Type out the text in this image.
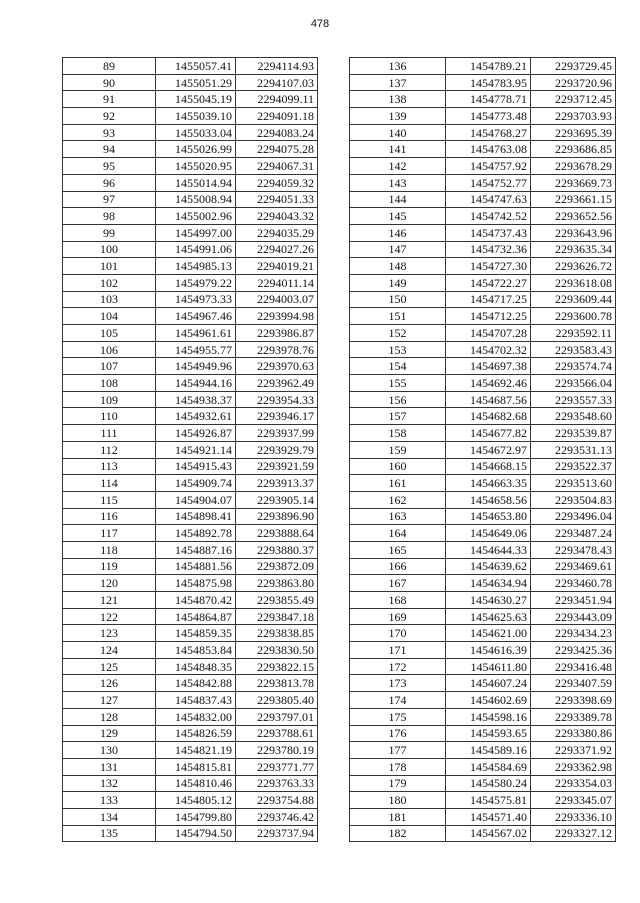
478
89	1455057.41	2294114.93
90	1455051.29	2294107.03
91	1455045.19	2294099.11
92	1455039.10	2294091.18
93	1455033.04	2294083.24
94	1455026.99	2294075.28
95	1455020.95	2294067.31
96	1455014.94	2294059.32
97	1455008.94	2294051.33
98	1455002.96	2294043.32
99	1454997.00	2294035.29
100	1454991.06	2294027.26
101	1454985.13	2294019.21
102	1454979.22	2294011.14
103	1454973.33	2294003.07
104	1454967.46	2293994.98
105	1454961.61	2293986.87
106	1454955.77	2293978.76
107	1454949.96	2293970.63
108	1454944.16	2293962.49
109	1454938.37	2293954.33
110	1454932.61	2293946.17
111	1454926.87	2293937.99
112	1454921.14	2293929.79
113	1454915.43	2293921.59
114	1454909.74	2293913.37
115	1454904.07	2293905.14
116	1454898.41	2293896.90
117	1454892.78	2293888.64
118	1454887.16	2293880.37
119	1454881.56	2293872.09
120	1454875.98	2293863.80
121	1454870.42	2293855.49
122	1454864.87	2293847.18
123	1454859.35	2293838.85
124	1454853.84	2293830.50
125	1454848.35	2293822.15
126	1454842.88	2293813.78
127	1454837.43	2293805.40
128	1454832.00	2293797.01
129	1454826.59	2293788.61
130	1454821.19	2293780.19
131	1454815.81	2293771.77
132	1454810.46	2293763.33
133	1454805.12	2293754.88
134	1454799.80	2293746.42
135	1454794.50	2293737.94
136	1454789.21	2293729.45
137	1454783.95	2293720.96
138	1454778.71	2293712.45
139	1454773.48	2293703.93
140	1454768.27	2293695.39
141	1454763.08	2293686.85
142	1454757.92	2293678.29
143	1454752.77	2293669.73
144	1454747.63	2293661.15
145	1454742.52	2293652.56
146	1454737.43	2293643.96
147	1454732.36	2293635.34
148	1454727.30	2293626.72
149	1454722.27	2293618.08
150	1454717.25	2293609.44
151	1454712.25	2293600.78
152	1454707.28	2293592.11
153	1454702.32	2293583.43
154	1454697.38	2293574.74
155	1454692.46	2293566.04
156	1454687.56	2293557.33
157	1454682.68	2293548.60
158	1454677.82	2293539.87
159	1454672.97	2293531.13
160	1454668.15	2293522.37
161	1454663.35	2293513.60
162	1454658.56	2293504.83
163	1454653.80	2293496.04
164	1454649.06	2293487.24
165	1454644.33	2293478.43
166	1454639.62	2293469.61
167	1454634.94	2293460.78
168	1454630.27	2293451.94
169	1454625.63	2293443.09
170	1454621.00	2293434.23
171	1454616.39	2293425.36
172	1454611.80	2293416.48
173	1454607.24	2293407.59
174	1454602.69	2293398.69
175	1454598.16	2293389.78
176	1454593.65	2293380.86
177	1454589.16	2293371.92
178	1454584.69	2293362.98
179	1454580.24	2293354.03
180	1454575.81	2293345.07
181	1454571.40	2293336.10
182	1454567.02	2293327.12
